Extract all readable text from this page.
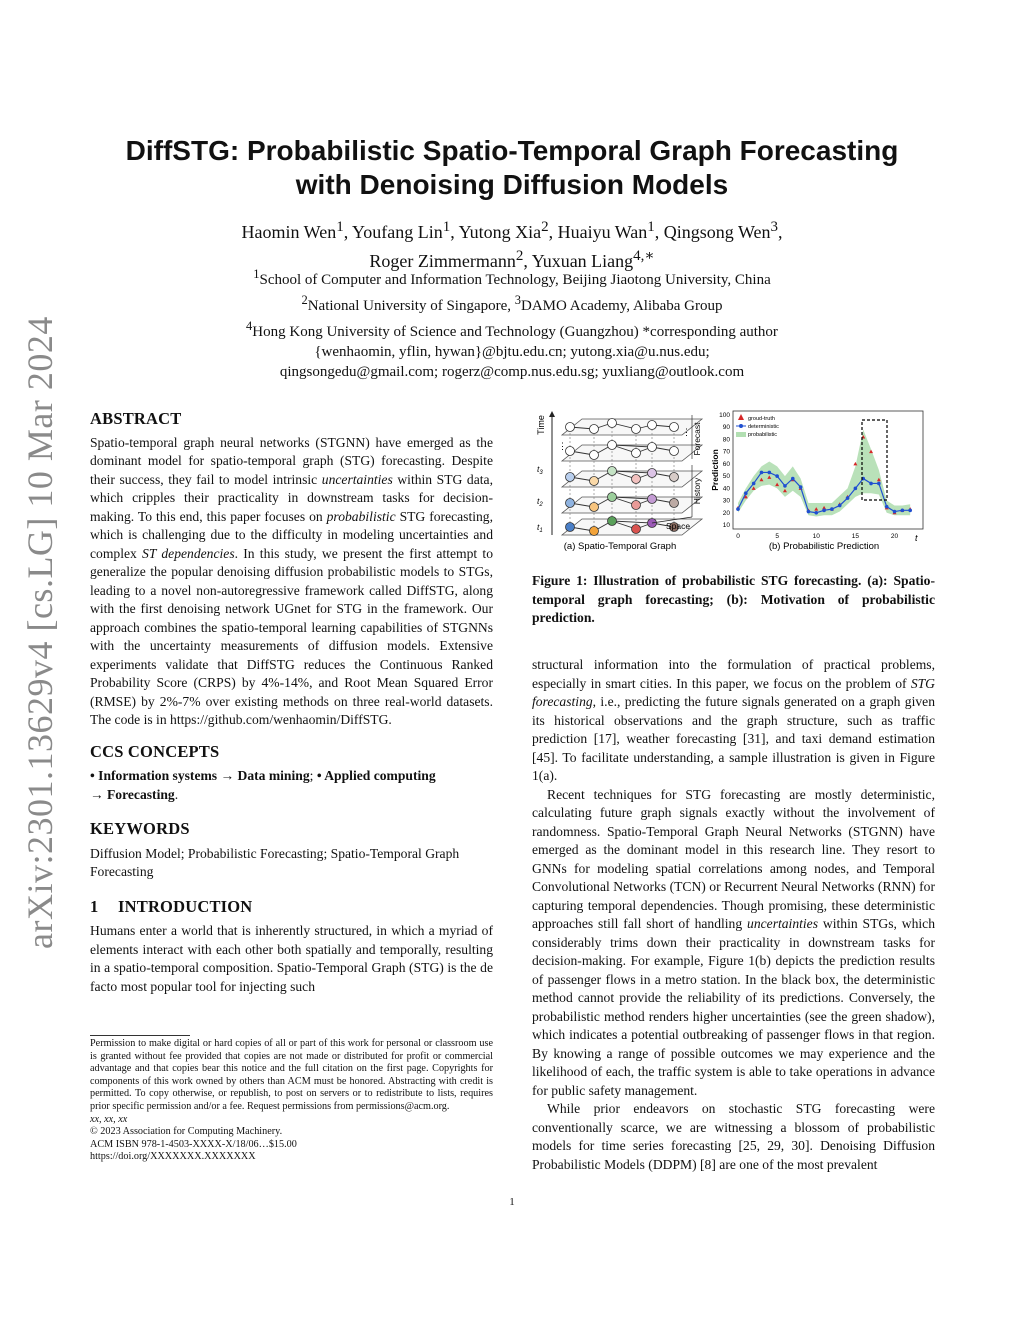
arXiv:2301.13629v4 [cs.LG] 10 Mar 2024
DiffSTG: Probabilistic Spatio-Temporal Graph Forecasting
with Denoising Diffusion Models
Haomin Wen$^1$, Youfang Lin$^1$, Yutong Xia$^2$, Huaiyu Wan$^1$, Qingsong Wen$^3$,
Roger Zimmermann$^2$, Yuxuan Liang$^{4,∗}$
$^1$School of Computer and Information Technology, Beijing Jiaotong University, China
$^2$National University of Singapore, $^3$DAMO Academy, Alibaba Group
$^4$Hong Kong University of Science and Technology (Guangzhou) *corresponding author
{wenhaomin, yflin, hywan}@bjtu.edu.cn; yutong.xia@u.nus.edu;
qingsongedu@gmail.com; rogerz@comp.nus.edu.sg; yuxliang@outlook.com

ABSTRACT

Spatio-temporal graph neural networks (STGNN) have emerged as the dominant model for spatio-temporal graph (STG) forecasting. Despite their success, they fail to model intrinsic uncertainties within STG data, which cripples their practicality in downstream tasks for decision-making. To this end, this paper focuses on probabilistic STG forecasting, which is challenging due to the difficulty in modeling uncertainties and complex ST dependencies. In this study, we present the first attempt to generalize the popular denoising diffusion probabilistic models to STGs, leading to a novel non-autoregressive framework called DiffSTG, along with the first denoising network UGnet for STG in the framework. Our approach combines the spatio-temporal learning capabilities of STGNNs with the uncertainty measurements of diffusion models. Extensive experiments validate that DiffSTG reduces the Continuous Ranked Probability Score (CRPS) by 4%-14%, and Root Mean Squared Error (RMSE) by 2%-7% over existing methods on three real-world datasets. The code is in https://github.com/wenhaomin/DiffSTG.

CCS CONCEPTS

• Information systems → Data mining; • Applied computing
→ Forecasting.

KEYWORDS

Diffusion Model; Probabilistic Forecasting; Spatio-Temporal Graph Forecasting

1 INTRODUCTION

Humans enter a world that is inherently structured, in which a myriad of elements interact with each other both spatially and temporally, resulting in a spatio-temporal composition. Spatio-Temporal Graph (STG) is the de facto most popular tool for injecting such

Time
⋮
⋮
$t_1$
$t_2$
$t_3$
Forecast
History
Space
(a) Spatio-Temporal Graph
Prediction
t
(b) Probabilistic Prediction
10
20
30
40
50
60
70
80
90
100
0	5	10	15	20
groud-truth
deterministic
probabilistic
Figure 1: Illustration of probabilistic STG forecasting. (a): Spatio-temporal graph forecasting; (b): Motivation of probabilistic prediction.

structural information into the formulation of practical problems, especially in smart cities. In this paper, we focus on the problem of STG forecasting, i.e., predicting the future signals generated on a graph given its historical observations and the graph structure, such as traffic prediction [17], weather forecasting [31], and taxi demand estimation [45]. To facilitate understanding, a sample illustration is given in Figure 1(a).

Recent techniques for STG forecasting are mostly deterministic, calculating future graph signals exactly without the involvement of randomness. Spatio-Temporal Graph Neural Networks (STGNN) have emerged as the dominant model in this research line. They resort to GNNs for modeling spatial correlations among nodes, and Temporal Convolutional Networks (TCN) or Recurrent Neural Networks (RNN) for capturing temporal dependencies. Though promising, these deterministic approaches still fall short of handling uncertainties within STGs, which considerably trims down their practicality in downstream tasks for decision-making. For example, Figure 1(b) depicts the prediction results of passenger flows in a metro station. In the black box, the deterministic method cannot provide the reliability of its predictions. Conversely, the probabilistic method renders higher uncertainties (see the green shadow), which indicates a potential outbreaking of passenger flows in that region. By knowing a range of possible outcomes we may experience and the likelihood of each, the traffic system is able to take operations in advance for public safety management.

While prior endeavors on stochastic STG forecasting were conventionally scarce, we are witnessing a blossom of probabilistic models for time series forecasting [25, 29, 30]. Denoising Diffusion Probabilistic Models (DDPM) [8] are one of the most prevalent

Permission to make digital or hard copies of all or part of this work for personal or classroom use is granted without fee provided that copies are not made or distributed for profit or commercial advantage and that copies bear this notice and the full citation on the first page. Copyrights for components of this work owned by others than ACM must be honored. Abstracting with credit is permitted. To copy otherwise, or republish, to post on servers or to redistribute to lists, requires prior specific permission and/or a fee. Request permissions from permissions@acm.org.
xx, xx, xx
© 2023 Association for Computing Machinery.
ACM ISBN 978-1-4503-XXXX-X/18/06…$15.00
https://doi.org/XXXXXXX.XXXXXXX
1
